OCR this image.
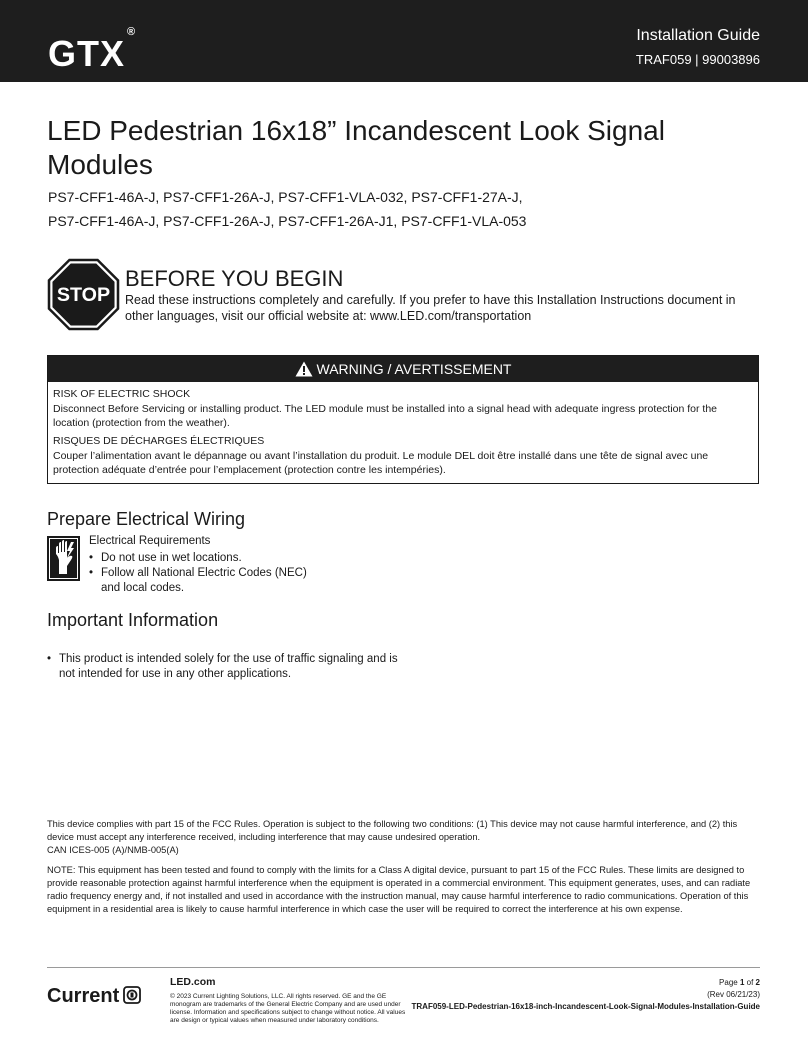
GTX®	Installation Guide
TRAF059 | 99003896
LED Pedestrian 16x18” Incandescent Look Signal Modules
PS7-CFF1-46A-J, PS7-CFF1-26A-J, PS7-CFF1-VLA-032, PS7-CFF1-27A-J,
PS7-CFF1-46A-J, PS7-CFF1-26A-J, PS7-CFF1-26A-J1, PS7-CFF1-VLA-053
STOP
BEFORE YOU BEGIN
Read these instructions completely and carefully. If you prefer to have this Installation Instructions document in other languages, visit our official website at: www.LED.com/transportation
WARNING / AVERTISSEMENT
RISK OF ELECTRIC SHOCK
Disconnect Before Servicing or installing product. The LED module must be installed into a signal head with adequate ingress protection for the location (protection from the weather).
RISQUES DE DÉCHARGES ÉLECTRIQUES
Couper l’alimentation avant le dépannage ou avant l’installation du produit. Le module DEL doit être installé dans une tête de signal avec une protection adéquate d’entrée pour l’emplacement (protection contre les intempéries).
Prepare Electrical Wiring
Electrical Requirements
• Do not use in wet locations.
• Follow all National Electric Codes (NEC) and local codes.
Important Information
• This product is intended solely for the use of traffic signaling and is not intended for use in any other applications.

This device complies with part 15 of the FCC Rules. Operation is subject to the following two conditions: (1) This device may not cause harmful interference, and (2) this device must accept any interference received, including interference that may cause undesired operation.

CAN ICES-005 (A)/NMB-005(A)

NOTE: This equipment has been tested and found to comply with the limits for a Class A digital device, pursuant to part 15 of the FCC Rules. These limits are designed to provide reasonable protection against harmful interference when the equipment is operated in a commercial environment. This equipment generates, uses, and can radiate radio frequency energy and, if not installed and used in accordance with the instruction manual, may cause harmful interference to radio communications. Operation of this equipment in a residential area is likely to cause harmful interference in which case the user will be required to correct the interference at his own expense.
Current
LED.com
© 2023 Current Lighting Solutions, LLC. All rights reserved. GE and the GE monogram are trademarks of the General Electric Company and are used under license. Information and specifications subject to change without notice. All values are design or typical values when measured under laboratory conditions.
Page 1 of 2
(Rev 06/21/23)
TRAF059-LED-Pedestrian-16x18-inch-Incandescent-Look-Signal-Modules-Installation-Guide
